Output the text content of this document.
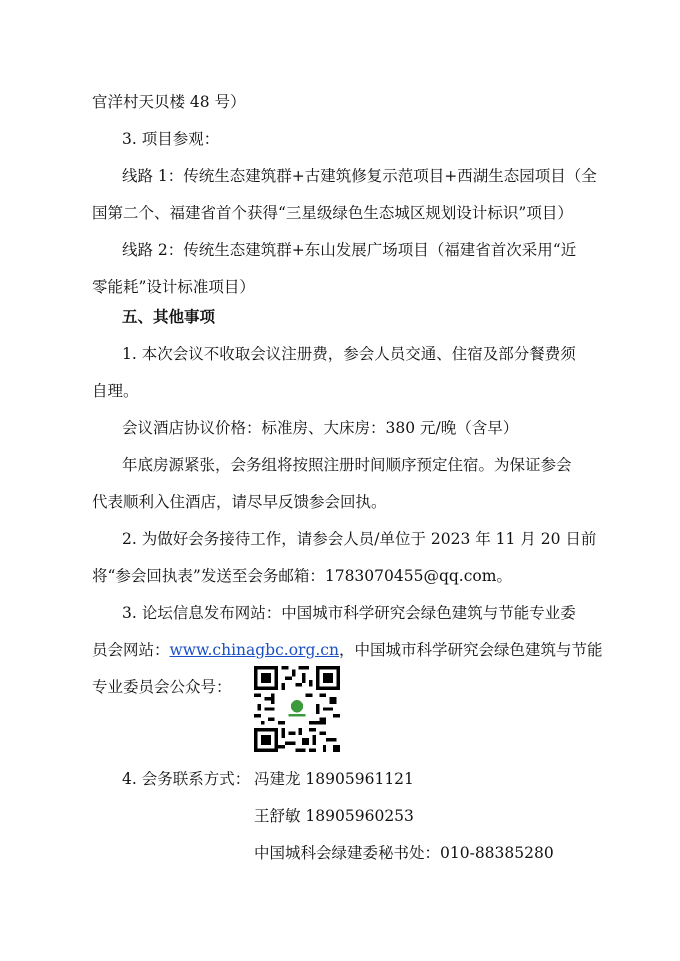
官洋村天贝楼 48 号）
3. 项目参观：
线路 1：传统生态建筑群+古建筑修复示范项目+西湖生态园项目（全
国第二个、福建省首个获得“三星级绿色生态城区规划设计标识”项目）
线路 2：传统生态建筑群+东山发展广场项目（福建省首次采用“近
零能耗”设计标准项目）
五、其他事项
1. 本次会议不收取会议注册费，参会人员交通、住宿及部分餐费须
自理。
会议酒店协议价格：标准房、大床房：380 元/晚（含早）
年底房源紧张，会务组将按照注册时间顺序预定住宿。为保证参会
代表顺利入住酒店，请尽早反馈参会回执。
2. 为做好会务接待工作，请参会人员/单位于 2023 年 11 月 20 日前
将“参会回执表”发送至会务邮箱：1783070455@qq.com。
3. 论坛信息发布网站：中国城市科学研究会绿色建筑与节能专业委
员会网站：www.chinagbc.org.cn，中国城市科学研究会绿色建筑与节能
专业委员会公众号：
4. 会务联系方式： 冯建龙 18905961121
王舒敏 18905960253
中国城科会绿建委秘书处：010-88385280
